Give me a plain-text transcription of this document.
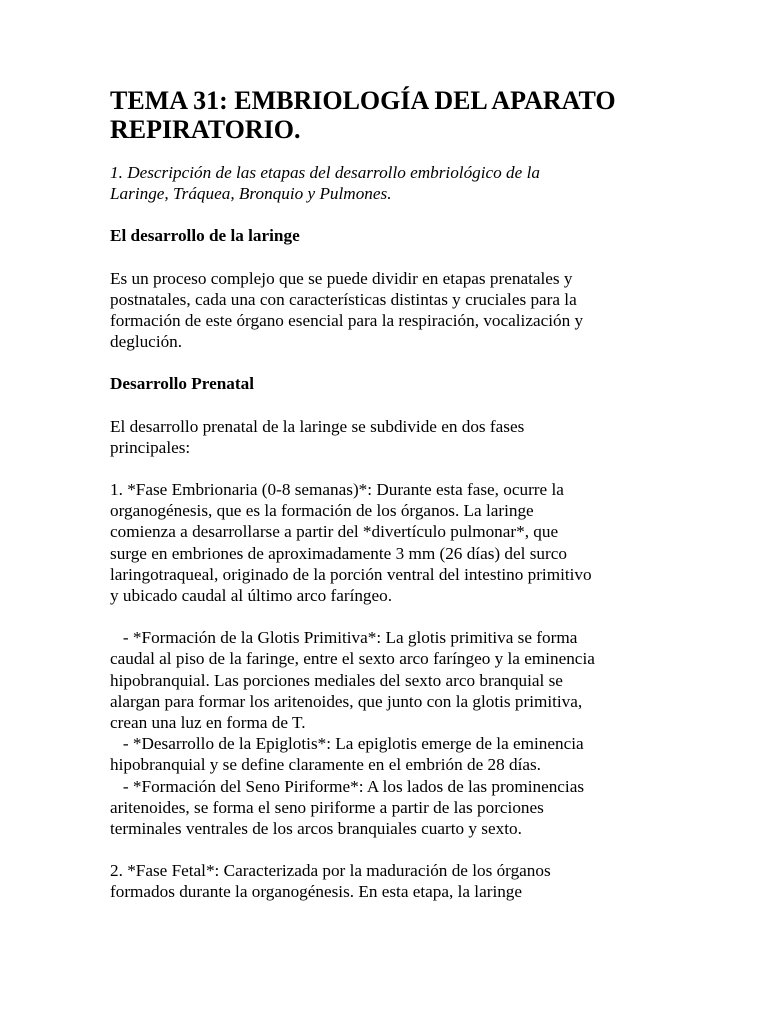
TEMA 31: EMBRIOLOGÍA DEL APARATO
REPIRATORIO.

1. Descripción de las etapas del desarrollo embriológico de la
Laringe, Tráquea, Bronquio y Pulmones.

El desarrollo de la laringe

Es un proceso complejo que se puede dividir en etapas prenatales y
postnatales, cada una con características distintas y cruciales para la
formación de este órgano esencial para la respiración, vocalización y
deglución.

Desarrollo Prenatal

El desarrollo prenatal de la laringe se subdivide en dos fases
principales:

1. *Fase Embrionaria (0-8 semanas)*: Durante esta fase, ocurre la
organogénesis, que es la formación de los órganos. La laringe
comienza a desarrollarse a partir del *divertículo pulmonar*, que
surge en embriones de aproximadamente 3 mm (26 días) del surco
laringotraqueal, originado de la porción ventral del intestino primitivo
y ubicado caudal al último arco faríngeo.

- *Formación de la Glotis Primitiva*: La glotis primitiva se forma
caudal al piso de la faringe, entre el sexto arco faríngeo y la eminencia
hipobranquial. Las porciones mediales del sexto arco branquial se
alargan para formar los aritenoides, que junto con la glotis primitiva,
crean una luz en forma de T.
- *Desarrollo de la Epiglotis*: La epiglotis emerge de la eminencia
hipobranquial y se define claramente en el embrión de 28 días.
- *Formación del Seno Piriforme*: A los lados de las prominencias
aritenoides, se forma el seno piriforme a partir de las porciones
terminales ventrales de los arcos branquiales cuarto y sexto.

2. *Fase Fetal*: Caracterizada por la maduración de los órganos
formados durante la organogénesis. En esta etapa, la laringe
